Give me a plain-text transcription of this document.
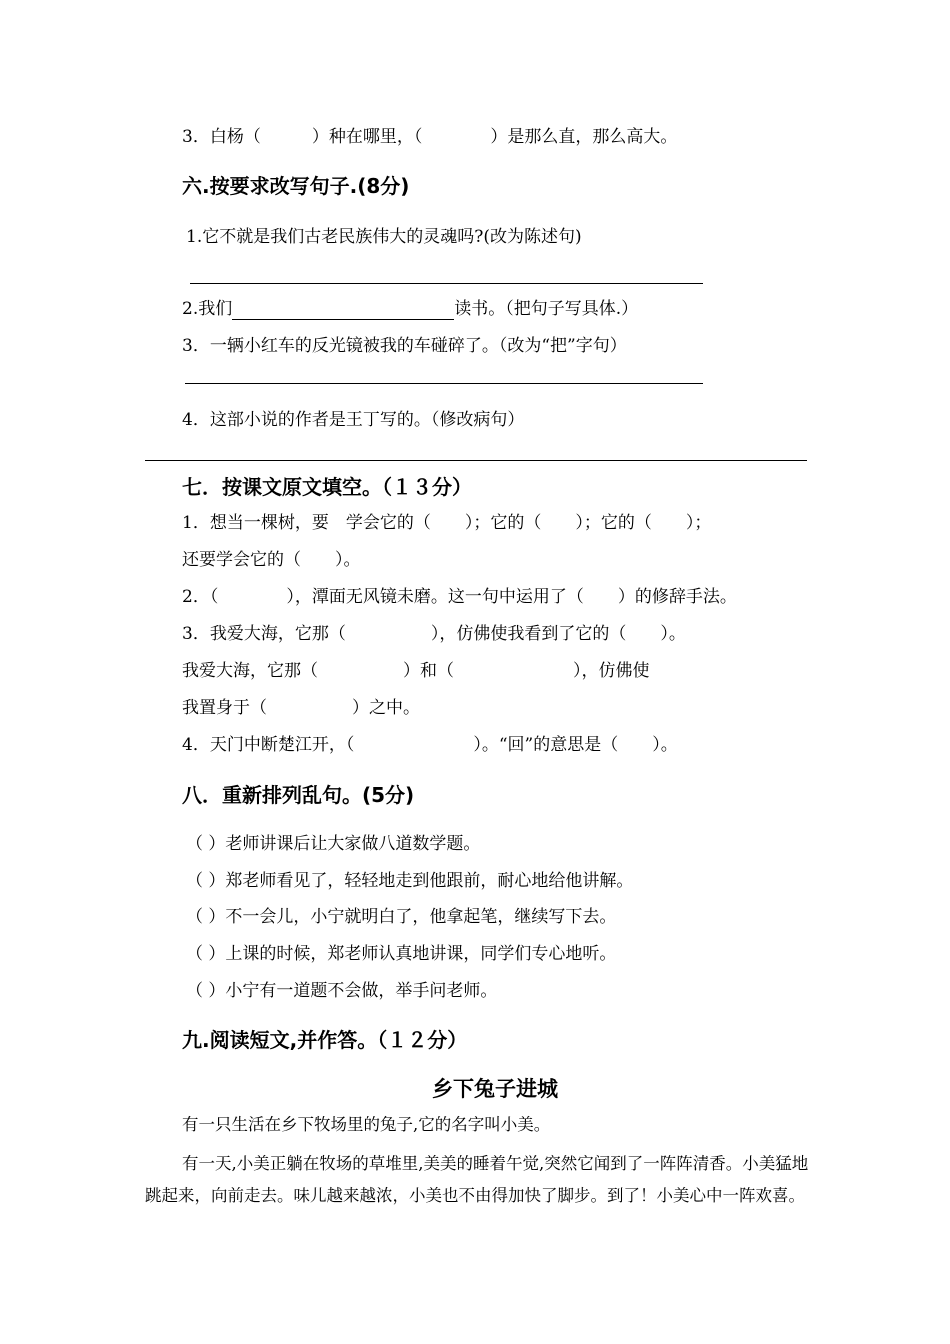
3．白杨（　　　）种在哪里，（　　　　）是那么直，那么高大。
六.按要求改写句子.(8分)
1.它不就是我们古老民族伟大的灵魂吗?(改为陈述句)
2.我们	读书。（把句子写具体.）
3．一辆小红车的反光镜被我的车碰碎了。（改为“把”字句）
4．这部小说的作者是王丁写的。（修改病句）
七．按课文原文填空。（１３分）
1．想当一棵树，要　学会它的（　　）；它的（　　）；它的（　　）；
还要学会它的（　　）。
2．（　　　　），潭面无风镜未磨。这一句中运用了（　　）的修辞手法。
3．我爱大海，它那（　　　　　），仿佛使我看到了它的（　　）。
我爱大海，它那（　　　　　）和（　　　　　　　），仿佛使
我置身于（　　　　　）之中。
4．天门中断楚江开，（　　　　　　　）。“回”的意思是（　　）。
八．重新排列乱句。(5分)
（ ）老师讲课后让大家做八道数学题。
（ ）郑老师看见了，轻轻地走到他跟前，耐心地给他讲解。
（ ）不一会儿，小宁就明白了，他拿起笔，继续写下去。
（ ）上课的时候，郑老师认真地讲课，同学们专心地听。
（ ）小宁有一道题不会做，举手问老师。
九.阅读短文,并作答。（１２分）
乡下兔子进城
有一只生活在乡下牧场里的兔子,它的名字叫小美。
有一天,小美正躺在牧场的草堆里,美美的睡着午觉,突然它闻到了一阵阵清香。小美猛地跳起来，向前走去。味儿越来越浓，小美也不由得加快了脚步。到了！小美心中一阵欢喜。
